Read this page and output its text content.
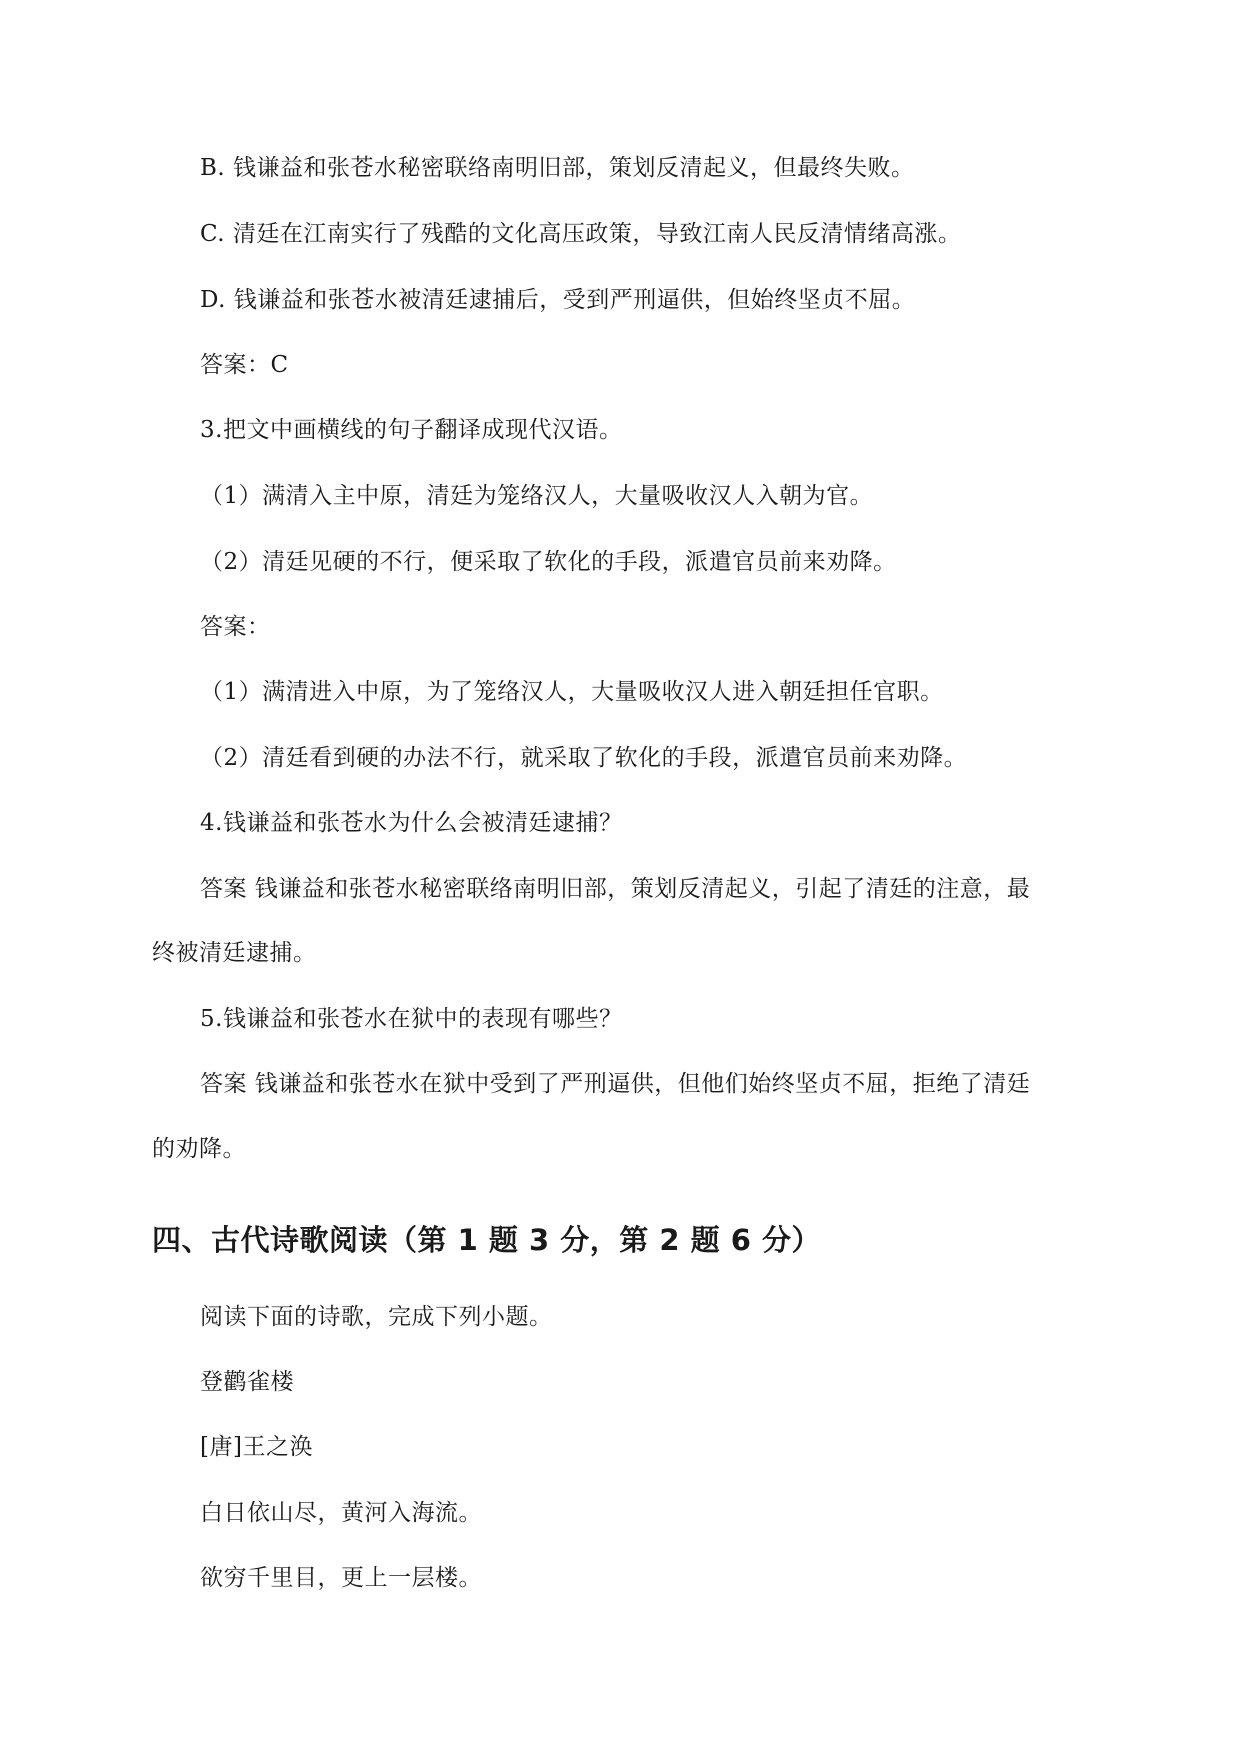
B. 钱谦益和张苍水秘密联络南明旧部，策划反清起义，但最终失败。
C. 清廷在江南实行了残酷的文化高压政策，导致江南人民反清情绪高涨。
D. 钱谦益和张苍水被清廷逮捕后，受到严刑逼供，但始终坚贞不屈。
答案：C
3.把文中画横线的句子翻译成现代汉语。
（1）满清入主中原，清廷为笼络汉人，大量吸收汉人入朝为官。
（2）清廷见硬的不行，便采取了软化的手段，派遣官员前来劝降。
答案：
（1）满清进入中原，为了笼络汉人，大量吸收汉人进入朝廷担任官职。
（2）清廷看到硬的办法不行，就采取了软化的手段，派遣官员前来劝降。
4.钱谦益和张苍水为什么会被清廷逮捕？
答案 钱谦益和张苍水秘密联络南明旧部，策划反清起义，引起了清廷的注意，最
终被清廷逮捕。
5.钱谦益和张苍水在狱中的表现有哪些？
答案 钱谦益和张苍水在狱中受到了严刑逼供，但他们始终坚贞不屈，拒绝了清廷
的劝降。
四、古代诗歌阅读（第 1 题 3 分，第 2 题 6 分）
阅读下面的诗歌，完成下列小题。
登鹳雀楼
[唐]王之涣
白日依山尽，黄河入海流。
欲穷千里目，更上一层楼。
